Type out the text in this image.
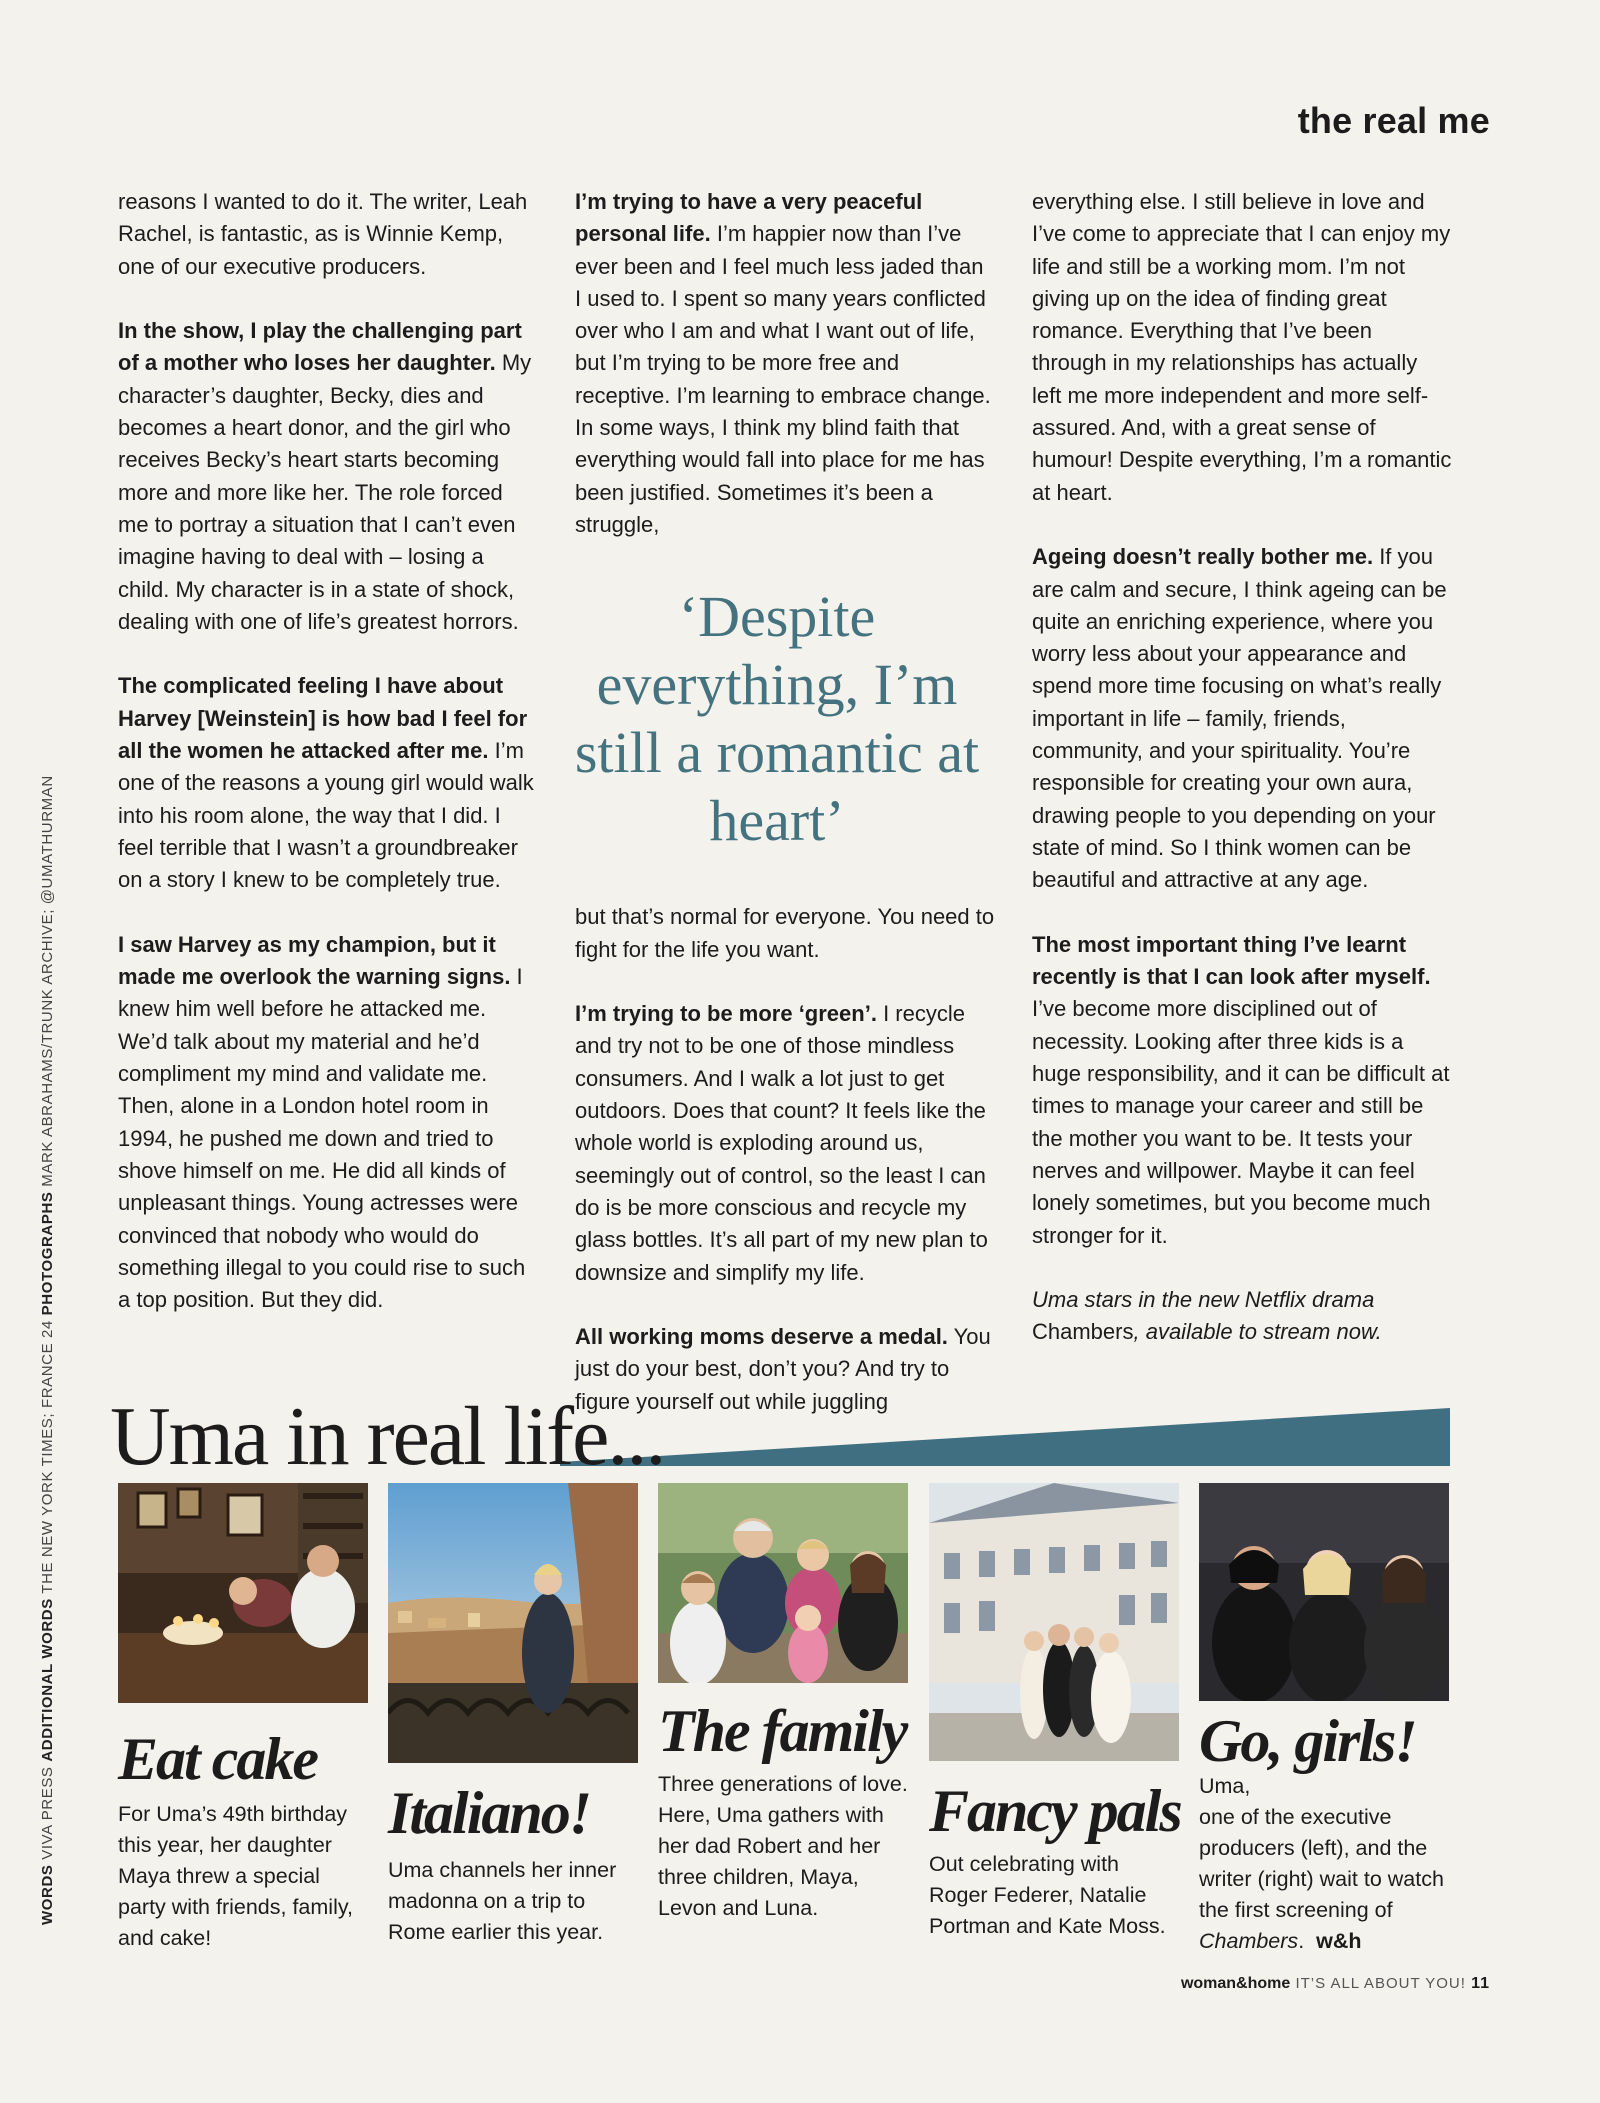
the real me
WORDS VIVA PRESS ADDITIONAL WORDS THE NEW YORK TIMES; FRANCE 24 PHOTOGRAPHS MARK ABRAHAMS/TRUNK ARCHIVE; @UMATHURMAN

reasons I wanted to do it. The writer, Leah Rachel, is fantastic, as is Winnie Kemp, one of our executive producers.

In the show, I play the challenging part of a mother who loses her daughter. My character’s daughter, Becky, dies and becomes a heart donor, and the girl who receives Becky’s heart starts becoming more and more like her. The role forced me to portray a situation that I can’t even imagine having to deal with – losing a child. My character is in a state of shock, dealing with one of life’s greatest horrors.

The complicated feeling I have about Harvey [Weinstein] is how bad I feel for all the women he attacked after me. I’m one of the reasons a young girl would walk into his room alone, the way that I did. I feel terrible that I wasn’t a groundbreaker on a story I knew to be completely true.

I saw Harvey as my champion, but it made me overlook the warning signs. I knew him well before he attacked me. We’d talk about my material and he’d compliment my mind and validate me. Then, alone in a London hotel room in 1994, he pushed me down and tried to shove himself on me. He did all kinds of unpleasant things. Young actresses were convinced that nobody who would do something illegal to you could rise to such a top position. But they did.

I’m trying to have a very peaceful personal life. I’m happier now than I’ve ever been and I feel much less jaded than I used to. I spent so many years conflicted over who I am and what I want out of life, but I’m trying to be more free and receptive. I’m learning to embrace change. In some ways, I think my blind faith that everything would fall into place for me has been justified. Sometimes it’s been a struggle,

‘Despite everything, I’m still a romantic at heart’

but that’s normal for everyone. You need to fight for the life you want.

I’m trying to be more ‘green’. I recycle and try not to be one of those mindless consumers. And I walk a lot just to get outdoors. Does that count? It feels like the whole world is exploding around us, seemingly out of control, so the least I can do is be more conscious and recycle my glass bottles. It’s all part of my new plan to downsize and simplify my life.

All working moms deserve a medal. You just do your best, don’t you? And try to figure yourself out while juggling

everything else. I still believe in love and I’ve come to appreciate that I can enjoy my life and still be a working mom. I’m not giving up on the idea of finding great romance. Everything that I’ve been through in my relationships has actually left me more independent and more self-assured. And, with a great sense of humour! Despite everything, I’m a romantic at heart.

Ageing doesn’t really bother me. If you are calm and secure, I think ageing can be quite an enriching experience, where you worry less about your appearance and spend more time focusing on what’s really important in life – family, friends, community, and your spirituality. You’re responsible for creating your own aura, drawing people to you depending on your state of mind. So I think women can be beautiful and attractive at any age.

The most important thing I’ve learnt recently is that I can look after myself. I’ve become more disciplined out of necessity. Looking after three kids is a huge responsibility, and it can be difficult at times to manage your career and still be the mother you want to be. It tests your nerves and willpower. Maybe it can feel lonely sometimes, but you become much stronger for it.

Uma stars in the new Netflix drama
Chambers, available to stream now.

Uma in real life...
Eat cake

For Uma’s 49th birthday this year, her daughter Maya threw a special party with friends, family, and cake!

Italiano!

Uma channels her inner madonna on a trip to Rome earlier this year.

The family

Three generations of love. Here, Uma gathers with her dad Robert and her three children, Maya, Levon and Luna.

Fancy pals

Out celebrating with Roger Federer, Natalie Portman and Kate Moss.

Go, girls! Uma,

one of the executive producers (left), and the writer (right) wait to watch the first screening of Chambers. w&h

woman&home IT’S ALL ABOUT YOU! 11
